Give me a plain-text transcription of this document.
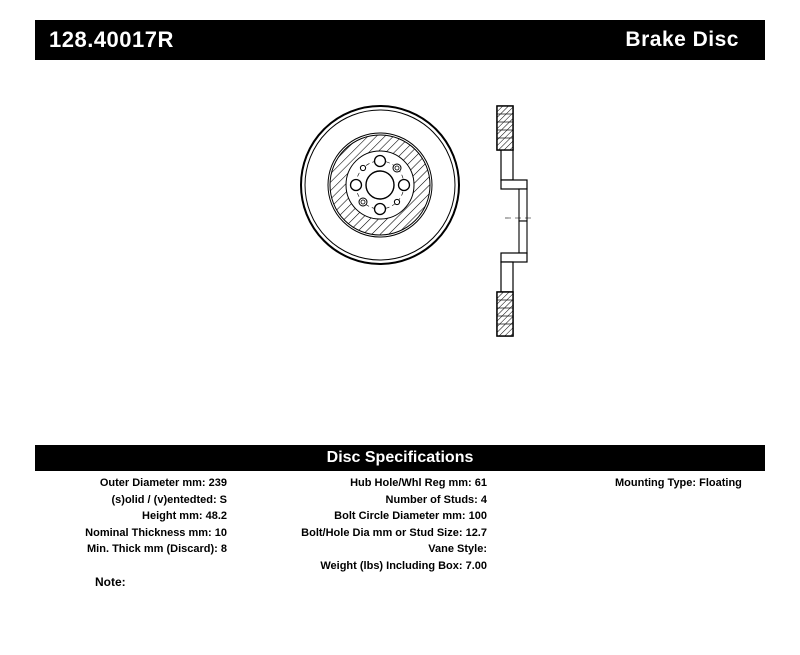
128.40017R	Brake Disc
Disc Specifications
Outer Diameter mm: 239
(s)olid / (v)entedted: S
Height mm: 48.2
Nominal Thickness mm: 10
Min. Thick mm (Discard): 8
Hub Hole/Whl Reg mm: 61
Number of Studs: 4
Bolt Circle Diameter mm: 100
Bolt/Hole Dia mm or Stud Size: 12.7
Vane Style:
Weight (lbs) Including Box: 7.00
Mounting Type: Floating
Note:
